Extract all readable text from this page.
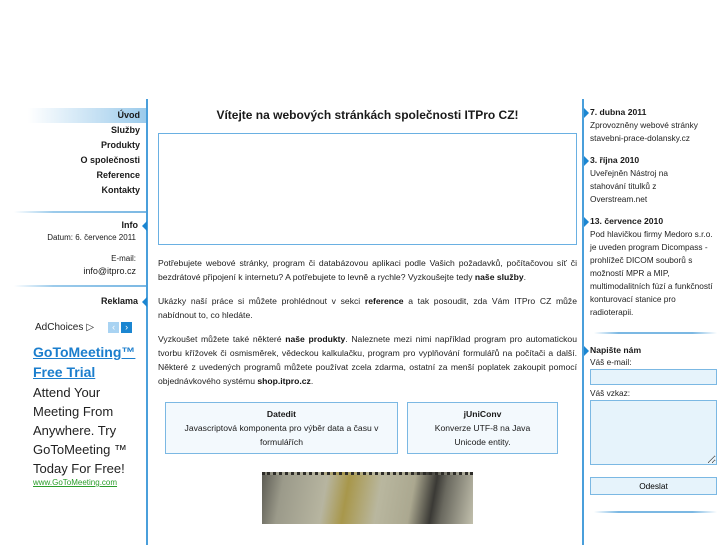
Úvod
Služby
Produkty
O společnosti
Reference
Kontakty
Info
Datum: 6. července 2011
E-mail:
info@itpro.cz
Reklama
AdChoices ▷	‹	›
GoToMeeting™
Free Trial
Attend Your Meeting From Anywhere. Try GoToMeeting ™ Today For Free!
www.GoToMeeting.com
Vítejte na webových stránkách společnosti ITPro CZ!

Potřebujete webové stránky, program či databázovou aplikaci podle Vašich požadavků, počítačovou síť či bezdrátové připojení k internetu? A potřebujete to levně a rychle? Vyzkoušejte tedy naše služby.

Ukázky naší práce si můžete prohlédnout v sekci reference a tak posoudit, zda Vám ITPro CZ může nabídnout to, co hledáte.

Vyzkoušet můžete také některé naše produkty. Naleznete mezi nimi například program pro automatickou tvorbu křížovek či osmisměrek, vědeckou kalkulačku, program pro vyplňování formulářů na počítači a další. Některé z uvedených programů můžete používat zcela zdarma, ostatní za menší poplatek zakoupit pomocí objednávkového systému shop.itpro.cz.

Datedit
Javascriptová komponenta pro výběr data a času v formulářích
jUniConv
Konverze UTF-8 na Java Unicode entity.
7. dubna 2011
Zprovozněny webové stránky stavebni-prace-dolansky.cz
3. října 2010
Uveřejněn Nástroj na stahování titulků z Overstream.net
13. července 2010
Pod hlavičkou firmy Medoro s.r.o. je uveden program Dicompass - prohlížeč DICOM souborů s možností MPR a MIP, multimodalitních fúzí a funkčností konturovací stanice pro radioterapii.
Napište nám
Váš e-mail:
Váš vzkaz:
Odeslat
